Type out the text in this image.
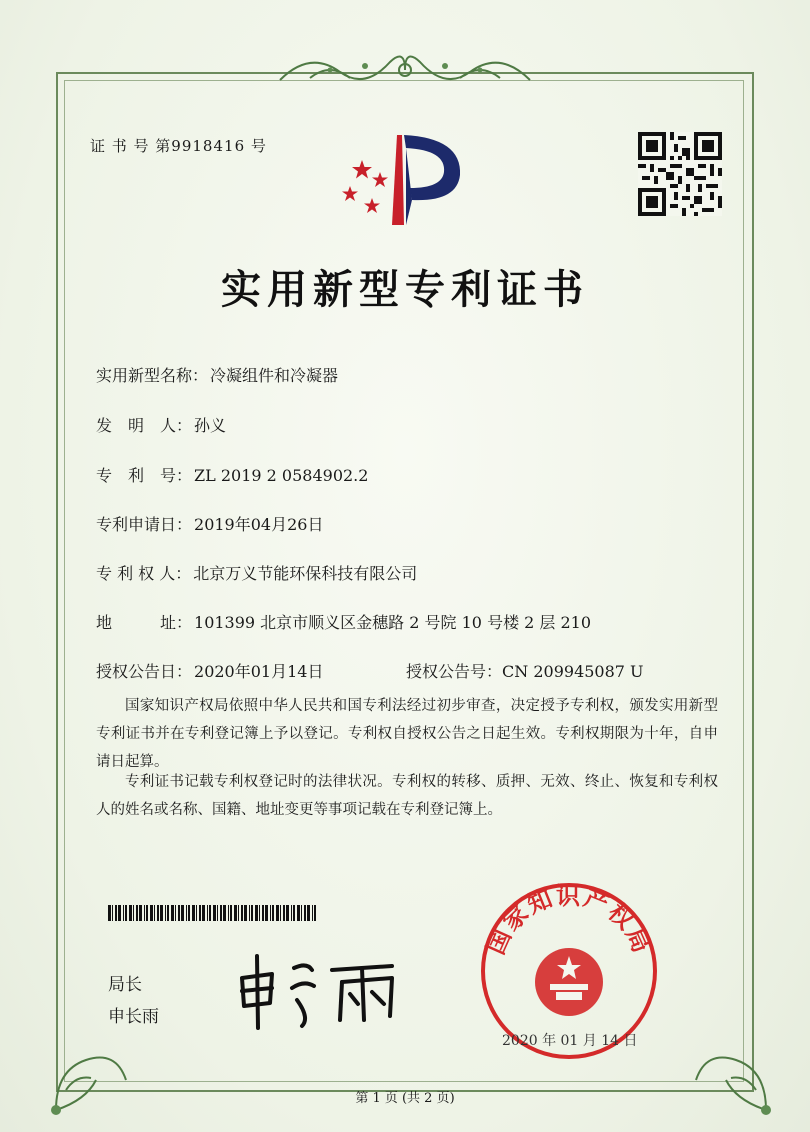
证 书 号 第9918416 号
实用新型专利证书
实用新型名称： 冷凝组件和冷凝器
发　明　人： 孙义
专　利　号： ZL 2019 2 0584902.2
专利申请日： 2019年04月26日
专 利 权 人： 北京万义节能环保科技有限公司
地　　　址： 101399 北京市顺义区金穗路 2 号院 10 号楼 2 层 210
授权公告日： 2020年01月14日	授权公告号：CN 209945087 U
国家知识产权局依照中华人民共和国专利法经过初步审查，决定授予专利权，颁发实用新型专利证书并在专利登记簿上予以登记。专利权自授权公告之日起生效。专利权期限为十年，自申请日起算。
专利证书记载专利权登记时的法律状况。专利权的转移、质押、无效、终止、恢复和专利权人的姓名或名称、国籍、地址变更等事项记载在专利登记簿上。
局长
申长雨
国家知识产权局
2020 年 01 月 14 日
第 1 页 (共 2 页)
